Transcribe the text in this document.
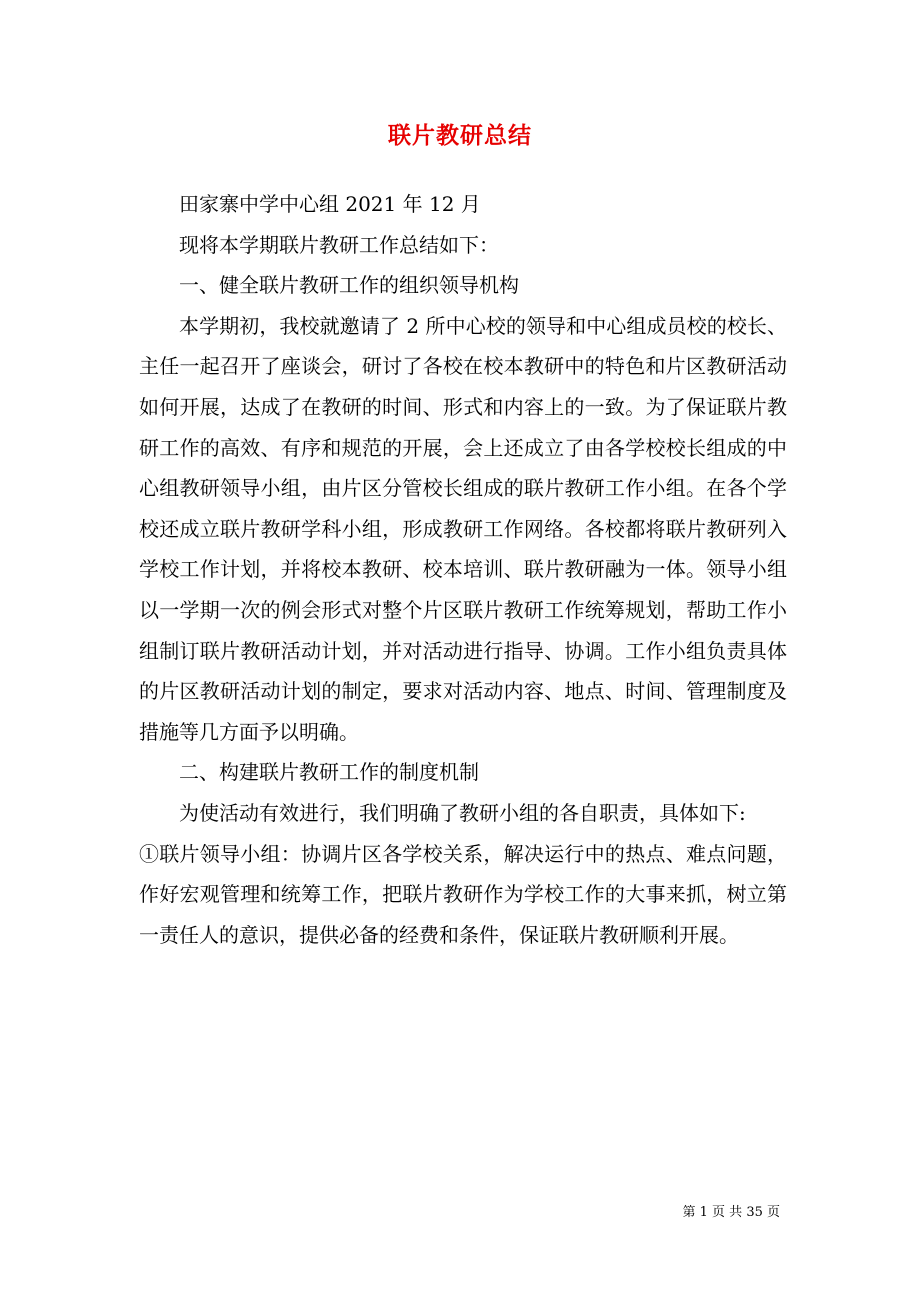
联片教研总结

田家寨中学中心组 2021 年 12 月

现将本学期联片教研工作总结如下：

一、健全联片教研工作的组织领导机构

本学期初，我校就邀请了 2 所中心校的领导和中心组成员校的校长、主任一起召开了座谈会，研讨了各校在校本教研中的特色和片区教研活动如何开展，达成了在教研的时间、形式和内容上的一致。为了保证联片教研工作的高效、有序和规范的开展，会上还成立了由各学校校长组成的中心组教研领导小组，由片区分管校长组成的联片教研工作小组。在各个学校还成立联片教研学科小组，形成教研工作网络。各校都将联片教研列入学校工作计划，并将校本教研、校本培训、联片教研融为一体。领导小组以一学期一次的例会形式对整个片区联片教研工作统筹规划，帮助工作小组制订联片教研活动计划，并对活动进行指导、协调。工作小组负责具体的片区教研活动计划的制定，要求对活动内容、地点、时间、管理制度及措施等几方面予以明确。

二、构建联片教研工作的制度机制

为使活动有效进行，我们明确了教研小组的各自职责，具体如下:

①联片领导小组：协调片区各学校关系，解决运行中的热点、难点问题，作好宏观管理和统筹工作，把联片教研作为学校工作的大事来抓，树立第一责任人的意识，提供必备的经费和条件，保证联片教研顺利开展。

第 1 页 共 35 页
